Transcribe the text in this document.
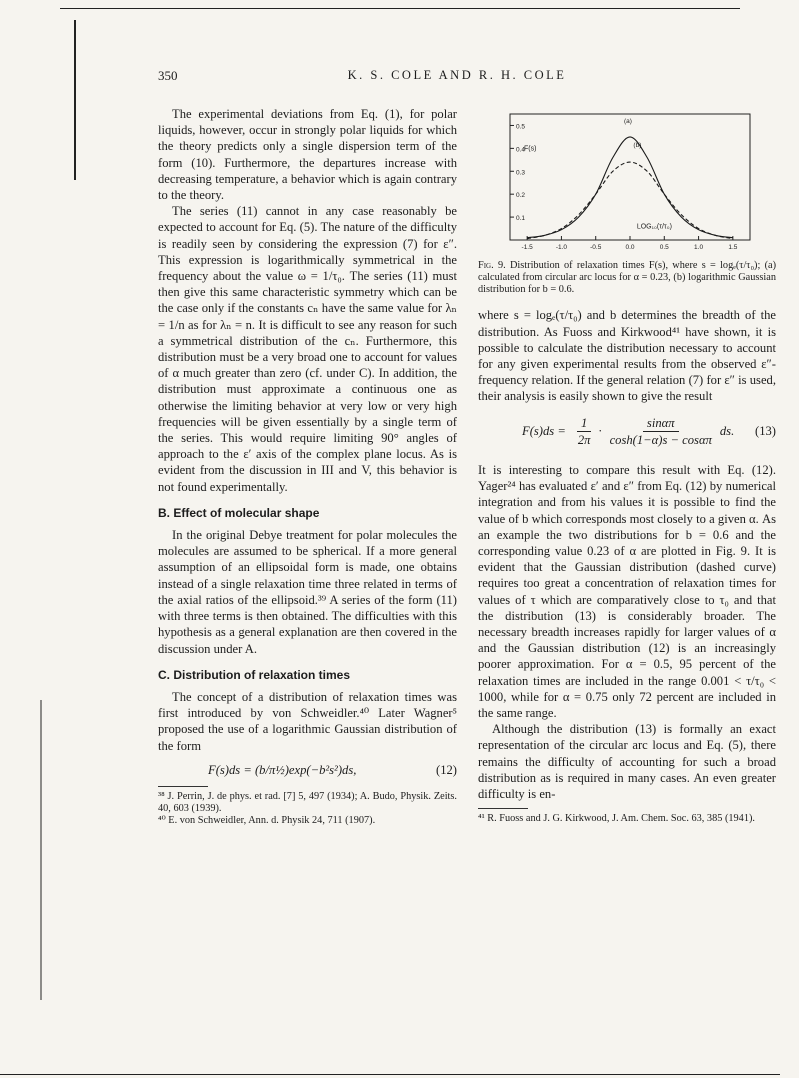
350	K. S. COLE AND R. H. COLE

The experimental deviations from Eq. (1), for polar liquids, however, occur in strongly polar liquids for which the theory predicts only a single dispersion term of the form (10). Furthermore, the departures increase with decreasing temperature, a behavior which is again contrary to the theory.

The series (11) cannot in any case reasonably be expected to account for Eq. (5). The nature of the difficulty is readily seen by considering the expression (7) for ε″. This expression is logarithmically symmetrical in the frequency about the value ω = 1/τ₀. The series (11) must then give this same characteristic symmetry which can be the case only if the constants cₙ have the same value for λₙ = 1/n as for λₙ = n. It is difficult to see any reason for such a symmetrical distribution of the cₙ. Furthermore, this distribution must be a very broad one to account for values of α much greater than zero (cf. under C). In addition, the distribution must approximate a continuous one as otherwise the limiting behavior at very low or very high frequencies will be given essentially by a single term of the series. This would require limiting 90° angles of approach to the ε′ axis of the complex plane locus. As is evident from the discussion in III and V, this behavior is not found experimentally.

B. Effect of molecular shape

In the original Debye treatment for polar molecules the molecules are assumed to be spherical. If a more general assumption of an ellipsoidal form is made, one obtains instead of a single relaxation time three related in terms of the axial ratios of the ellipsoid.³⁹ A series of the form (11) with three terms is then obtained. The difficulties with this hypothesis as a general explanation are then covered in the discussion under A.

C. Distribution of relaxation times

The concept of a distribution of relaxation times was first introduced by von Schweidler.⁴⁰ Later Wagner⁵ proposed the use of a logarithmic Gaussian distribution of the form

F(s)ds = (b/π½)exp(−b²s²)ds,	(12)

³⁸ J. Perrin, J. de phys. et rad. [7] 5, 497 (1934); A. Budo, Physik. Zeits. 40, 603 (1939).

⁴⁰ E. von Schweidler, Ann. d. Physik 24, 711 (1907).

0.1
0.2
0.3
0.4
0.5
-1.5	-1.0	-0.5	0.0	0.5	1.0	1.5
(a)
(b)
F(s)
LOG₁₀(τ/τ₀)

Fig. 9. Distribution of relaxation times F(s), where s = logₑ(τ/τ₀); (a) calculated from circular arc locus for α = 0.23, (b) logarithmic Gaussian distribution for b = 0.6.

where s = logₑ(τ/τ₀) and b determines the breadth of the distribution. As Fuoss and Kirkwood⁴¹ have shown, it is possible to calculate the distribution necessary to account for any given experimental results from the observed ε″-frequency relation. If the general relation (7) for ε″ is used, their analysis is easily shown to give the result

$F(s)ds = \frac{1}{2\pi} \cdot \frac{\sin\alpha\pi}{\cosh(1-\alpha)s - \cos\alpha\pi}$ ds. (13)

It is interesting to compare this result with Eq. (12). Yager²⁴ has evaluated ε′ and ε″ from Eq. (12) by numerical integration and from his values it is possible to find the value of b which corresponds most closely to a given α. As an example the two distributions for b = 0.6 and the corresponding value 0.23 of α are plotted in Fig. 9. It is evident that the Gaussian distribution (dashed curve) requires too great a concentration of relaxation times for values of τ which are comparatively close to τ₀ and that the distribution (13) is considerably broader. The necessary breadth increases rapidly for larger values of α and the Gaussian distribution (12) is an increasingly poorer approximation. For α = 0.5, 95 percent of the relaxation times are included in the range 0.001 < τ/τ₀ < 1000, while for α = 0.75 only 72 percent are included in the same range.

Although the distribution (13) is formally an exact representation of the circular arc locus and Eq. (5), there remains the difficulty of accounting for such a broad distribution as is required in many cases. An even greater difficulty is en-

⁴¹ R. Fuoss and J. G. Kirkwood, J. Am. Chem. Soc. 63, 385 (1941).
